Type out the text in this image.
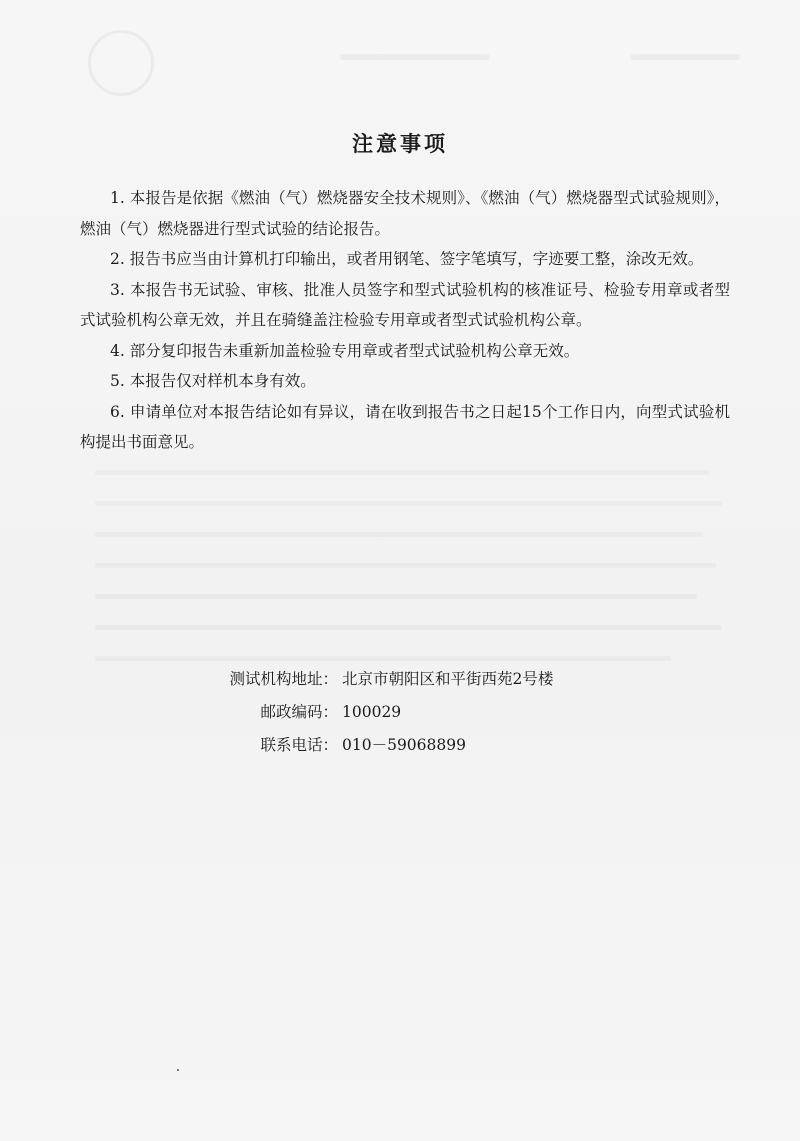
注意事项

1. 本报告是依据《燃油（气）燃烧器安全技术规则》、《燃油（气）燃烧器型式试验规则》，燃油（气）燃烧器进行型式试验的结论报告。

2. 报告书应当由计算机打印输出，或者用钢笔、签字笔填写，字迹要工整，涂改无效。

3. 本报告书无试验、审核、批准人员签字和型式试验机构的核准证号、检验专用章或者型式试验机构公章无效，并且在骑缝盖注检验专用章或者型式试验机构公章。

4. 部分复印报告未重新加盖检验专用章或者型式试验机构公章无效。

5. 本报告仅对样机本身有效。

6. 申请单位对本报告结论如有异议，请在收到报告书之日起15个工作日内，向型式试验机构提出书面意见。

测试机构地址： 北京市朝阳区和平街西苑2号楼
邮政编码： 100029
联系电话： 010－59068899
